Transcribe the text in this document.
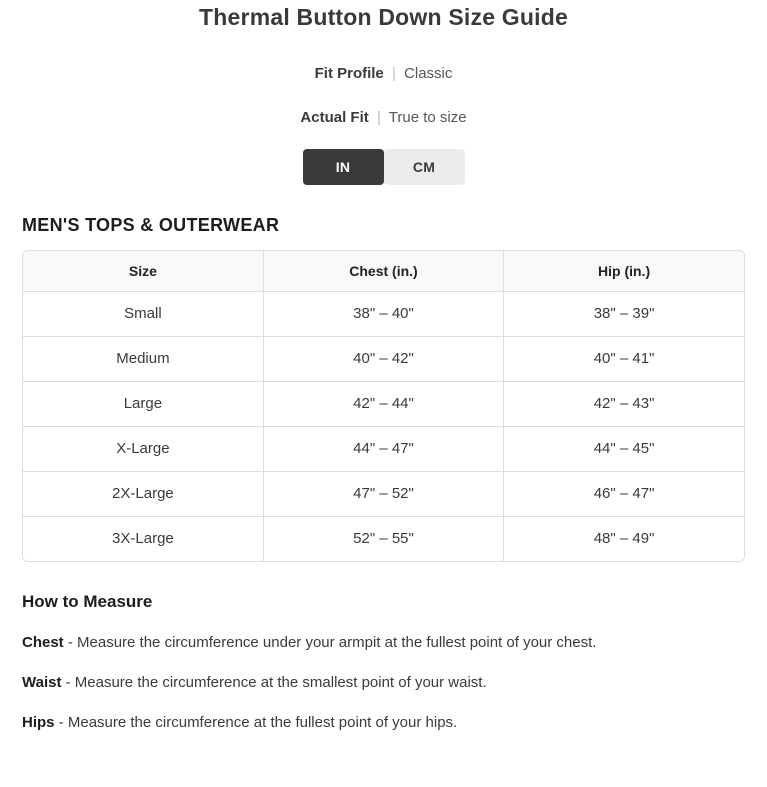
Thermal Button Down Size Guide
Fit Profile | Classic
Actual Fit | True to size
IN	CM
MEN'S TOPS & OUTERWEAR
Size	Chest (in.)	Hip (in.)
Small	38" – 40"	38" – 39"
Medium	40" – 42"	40" – 41"
Large	42" – 44"	42" – 43"
X-Large	44" – 47"	44" – 45"
2X-Large	47" – 52"	46" – 47"
3X-Large	52" – 55"	48" – 49"
How to Measure

Chest - Measure the circumference under your armpit at the fullest point of your chest.

Waist - Measure the circumference at the smallest point of your waist.

Hips - Measure the circumference at the fullest point of your hips.
